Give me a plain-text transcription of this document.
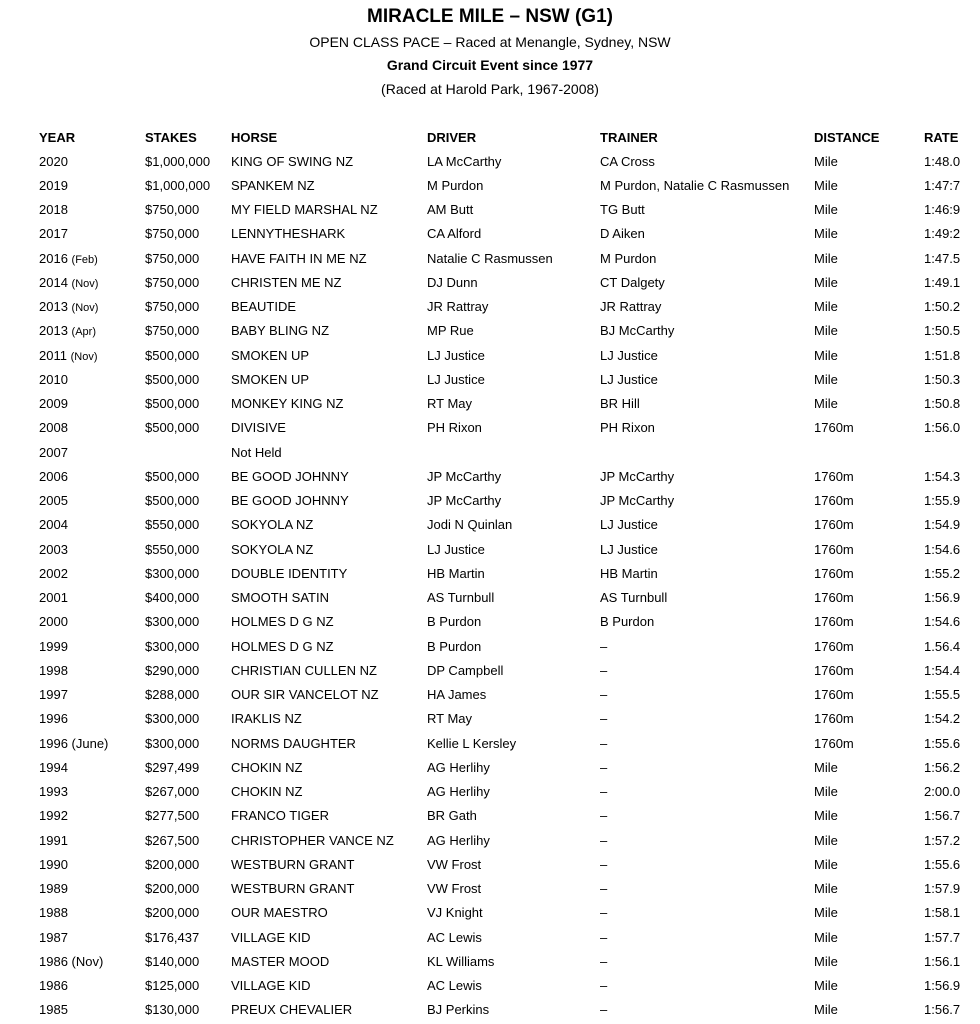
MIRACLE MILE – NSW (G1)
OPEN CLASS PACE – Raced at Menangle, Sydney, NSW
Grand Circuit Event since 1977
(Raced at Harold Park, 1967-2008)
YEAR	STAKES	HORSE	DRIVER	TRAINER	DISTANCE	RATE
2020	$1,000,000	KING OF SWING NZ	LA McCarthy	CA Cross	Mile	1:48.0
2019	$1,000,000	SPANKEM NZ	M Purdon	M Purdon, Natalie C Rasmussen	Mile	1:47:7
2018	$750,000	MY FIELD MARSHAL NZ	AM Butt	TG Butt	Mile	1:46:9
2017	$750,000	LENNYTHESHARK	CA Alford	D Aiken	Mile	1:49:2
2016 (Feb)	$750,000	HAVE FAITH IN ME NZ	Natalie C Rasmussen	M Purdon	Mile	1:47.5
2014 (Nov)	$750,000	CHRISTEN ME NZ	DJ Dunn	CT Dalgety	Mile	1:49.1
2013 (Nov)	$750,000	BEAUTIDE	JR Rattray	JR Rattray	Mile	1:50.2
2013 (Apr)	$750,000	BABY BLING NZ	MP Rue	BJ McCarthy	Mile	1:50.5
2011 (Nov)	$500,000	SMOKEN UP	LJ Justice	LJ Justice	Mile	1:51.8
2010	$500,000	SMOKEN UP	LJ Justice	LJ Justice	Mile	1:50.3
2009	$500,000	MONKEY KING NZ	RT May	BR Hill	Mile	1:50.8
2008	$500,000	DIVISIVE	PH Rixon	PH Rixon	1760m	1:56.0
2007		Not Held				
2006	$500,000	BE GOOD JOHNNY	JP McCarthy	JP McCarthy	1760m	1:54.3
2005	$500,000	BE GOOD JOHNNY	JP McCarthy	JP McCarthy	1760m	1:55.9
2004	$550,000	SOKYOLA NZ	Jodi N Quinlan	LJ Justice	1760m	1:54.9
2003	$550,000	SOKYOLA NZ	LJ Justice	LJ Justice	1760m	1:54.6
2002	$300,000	DOUBLE IDENTITY	HB Martin	HB Martin	1760m	1:55.2
2001	$400,000	SMOOTH SATIN	AS Turnbull	AS Turnbull	1760m	1:56.9
2000	$300,000	HOLMES D G NZ	B Purdon	B Purdon	1760m	1:54.6
1999	$300,000	HOLMES D G NZ	B Purdon	–	1760m	1.56.4
1998	$290,000	CHRISTIAN CULLEN NZ	DP Campbell	–	1760m	1:54.4
1997	$288,000	OUR SIR VANCELOT NZ	HA James	–	1760m	1:55.5
1996	$300,000	IRAKLIS NZ	RT May	–	1760m	1:54.2
1996 (June)	$300,000	NORMS DAUGHTER	Kellie L Kersley	–	1760m	1:55.6
1994	$297,499	CHOKIN NZ	AG Herlihy	–	Mile	1:56.2
1993	$267,000	CHOKIN NZ	AG Herlihy	–	Mile	2:00.0
1992	$277,500	FRANCO TIGER	BR Gath	–	Mile	1:56.7
1991	$267,500	CHRISTOPHER VANCE NZ	AG Herlihy	–	Mile	1:57.2
1990	$200,000	WESTBURN GRANT	VW Frost	–	Mile	1:55.6
1989	$200,000	WESTBURN GRANT	VW Frost	–	Mile	1:57.9
1988	$200,000	OUR MAESTRO	VJ Knight	–	Mile	1:58.1
1987	$176,437	VILLAGE KID	AC Lewis	–	Mile	1:57.7
1986 (Nov)	$140,000	MASTER MOOD	KL Williams	–	Mile	1:56.1
1986	$125,000	VILLAGE KID	AC Lewis	–	Mile	1:56.9
1985	$130,000	PREUX CHEVALIER	BJ Perkins	–	Mile	1:56.7
